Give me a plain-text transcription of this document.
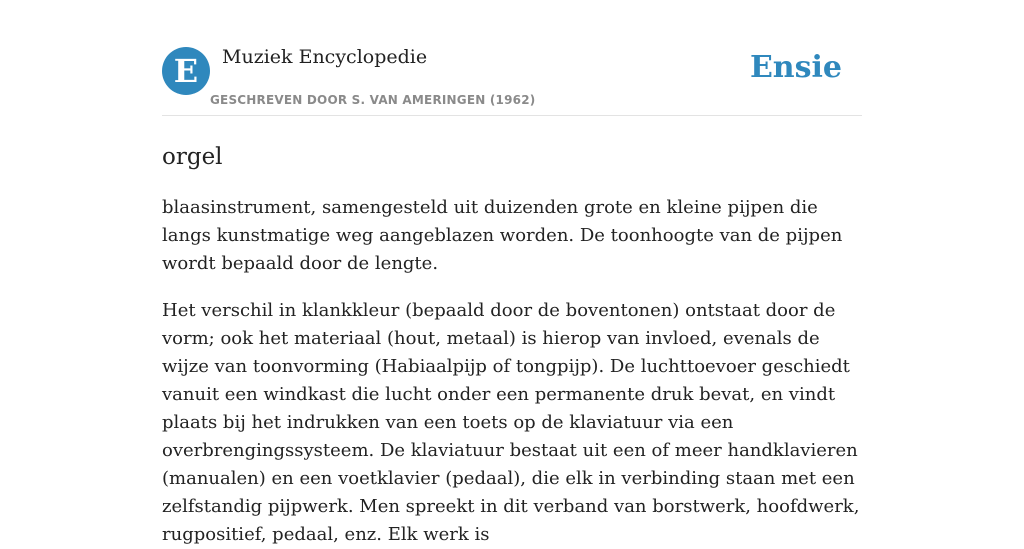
E	Muziek Encyclopedie
GESCHREVEN DOOR S. VAN AMERINGEN (1962)
Ensie
orgel

blaasinstrument, samengesteld uit duizenden grote en kleine pijpen die langs kunstmatige weg aangeblazen worden. De toonhoogte van de pijpen wordt bepaald door de lengte.

Het verschil in klankkleur (bepaald door de boventonen) ontstaat door de vorm; ook het materiaal (hout, metaal) is hierop van invloed, evenals de wijze van toonvorming (Habiaalpijp of tongpijp). De luchttoevoer geschiedt vanuit een windkast die lucht onder een permanente druk bevat, en vindt plaats bij het indrukken van een toets op de klaviatuur via een overbrengingssysteem. De klaviatuur bestaat uit een of meer handklavieren (manualen) en een voetklavier (pedaal), die elk in verbinding staan met een zelfstandig pijpwerk. Men spreekt in dit verband van borstwerk, hoofdwerk, rugpositief, pedaal, enz. Elk werk is
